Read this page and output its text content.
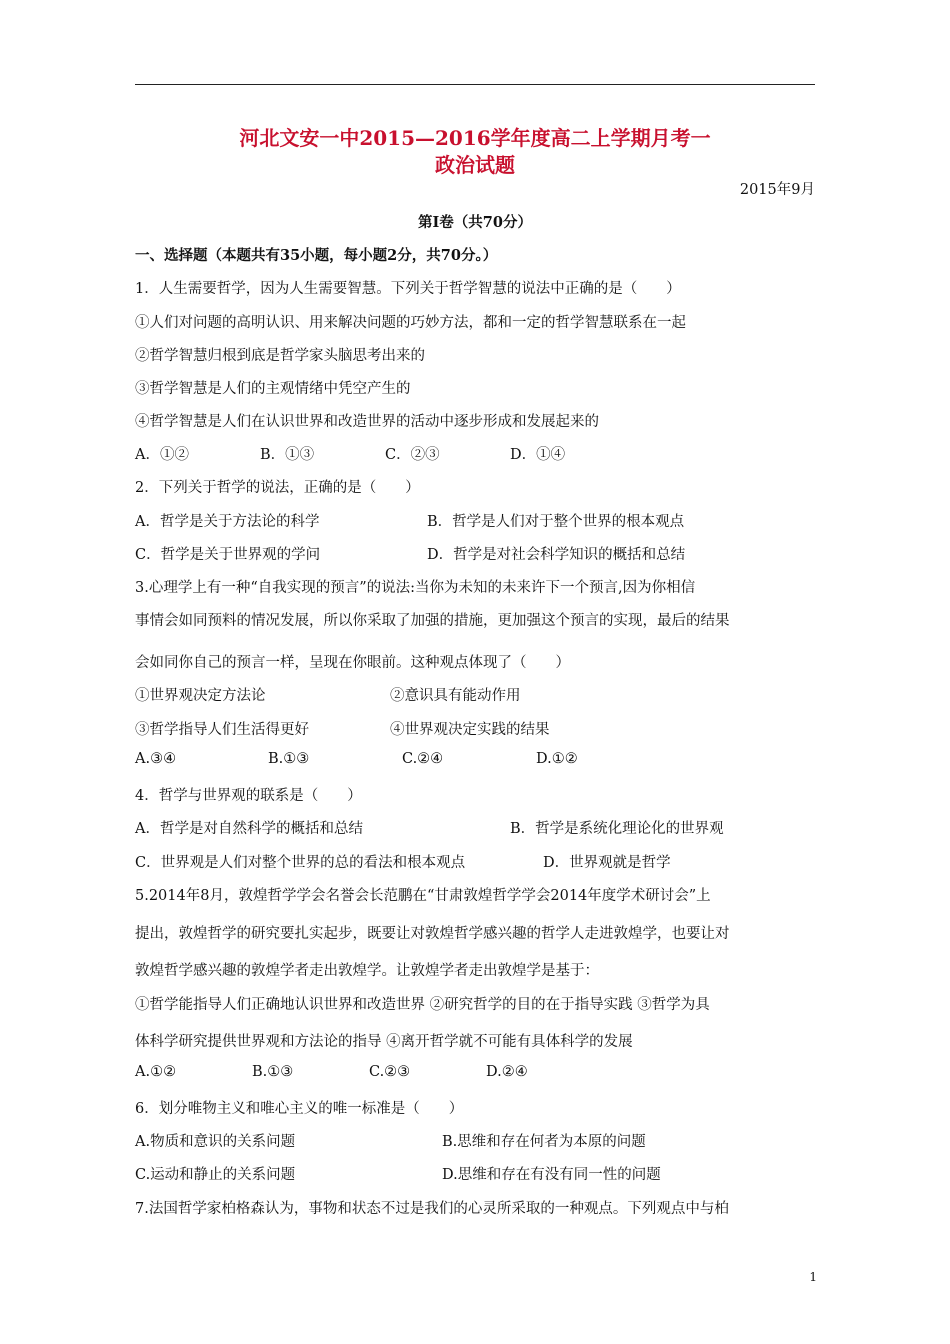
河北文安一中2015—2016学年度高二上学期月考一
政治试题
2015年9月
第Ⅰ卷（共70分）
一、选择题（本题共有35小题，每小题2分，共70分。）
1．人生需要哲学，因为人生需要智慧。下列关于哲学智慧的说法中正确的是（　　）
①人们对问题的高明认识、用来解决问题的巧妙方法，都和一定的哲学智慧联系在一起
②哲学智慧归根到底是哲学家头脑思考出来的
③哲学智慧是人们的主观情绪中凭空产生的
④哲学智慧是人们在认识世界和改造世界的活动中逐步形成和发展起来的
A．①②	B．①③	C．②③	D．①④
2．下列关于哲学的说法，正确的是（　　）
A．哲学是关于方法论的科学	B．哲学是人们对于整个世界的根本观点
C．哲学是关于世界观的学问	D．哲学是对社会科学知识的概括和总结
3.心理学上有一种“自我实现的预言”的说法:当你为未知的未来许下一个预言,因为你相信
事情会如同预料的情况发展，所以你采取了加强的措施，更加强这个预言的实现，最后的结果
会如同你自己的预言一样，呈现在你眼前。这种观点体现了（　　）
①世界观决定方法论	②意识具有能动作用
③哲学指导人们生活得更好	④世界观决定实践的结果
A.③④	B.①③	C.②④	D.①②
4．哲学与世界观的联系是（　　）
A．哲学是对自然科学的概括和总结	B．哲学是系统化理论化的世界观
C．世界观是人们对整个世界的总的看法和根本观点	D．世界观就是哲学
5.2014年8月，敦煌哲学学会名誉会长范鹏在“甘肃敦煌哲学学会2014年度学术研讨会”上
提出，敦煌哲学的研究要扎实起步，既要让对敦煌哲学感兴趣的哲学人走进敦煌学，也要让对
敦煌哲学感兴趣的敦煌学者走出敦煌学。让敦煌学者走出敦煌学是基于：
①哲学能指导人们正确地认识世界和改造世界 ②研究哲学的目的在于指导实践 ③哲学为具
体科学研究提供世界观和方法论的指导 ④离开哲学就不可能有具体科学的发展
A.①②	B.①③	C.②③	D.②④
6．划分唯物主义和唯心主义的唯一标准是（　　）
A.物质和意识的关系问题	B.思维和存在何者为本原的问题
C.运动和静止的关系问题	D.思维和存在有没有同一性的问题
7.法国哲学家柏格森认为，事物和状态不过是我们的心灵所采取的一种观点。下列观点中与柏
1
